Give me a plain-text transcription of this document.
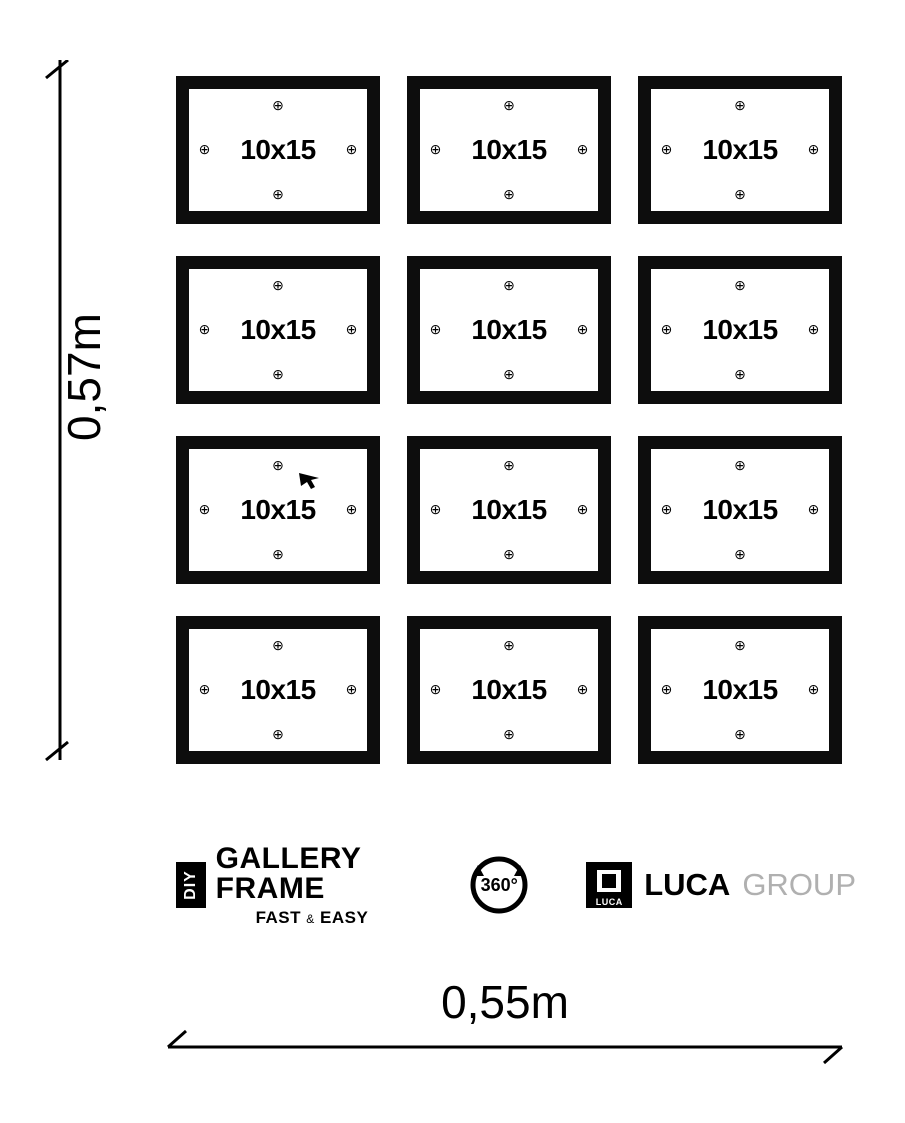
0,57m
⊕
⊕
⊕	⊕
10x15
⊕
⊕
⊕	⊕
10x15
⊕
⊕
⊕	⊕
10x15
⊕
⊕
⊕	⊕
10x15
⊕
⊕
⊕	⊕
10x15
⊕
⊕
⊕	⊕
10x15
⊕
⊕
⊕	⊕
10x15
⊕
⊕
⊕	⊕
10x15
⊕
⊕
⊕	⊕
10x15
⊕
⊕
⊕	⊕
10x15
⊕
⊕
⊕	⊕
10x15
⊕
⊕
⊕	⊕
10x15
DIY
GALLERY FRAME
FAST & EASY
360°
LUCA LUCA GROUP
0,55m
